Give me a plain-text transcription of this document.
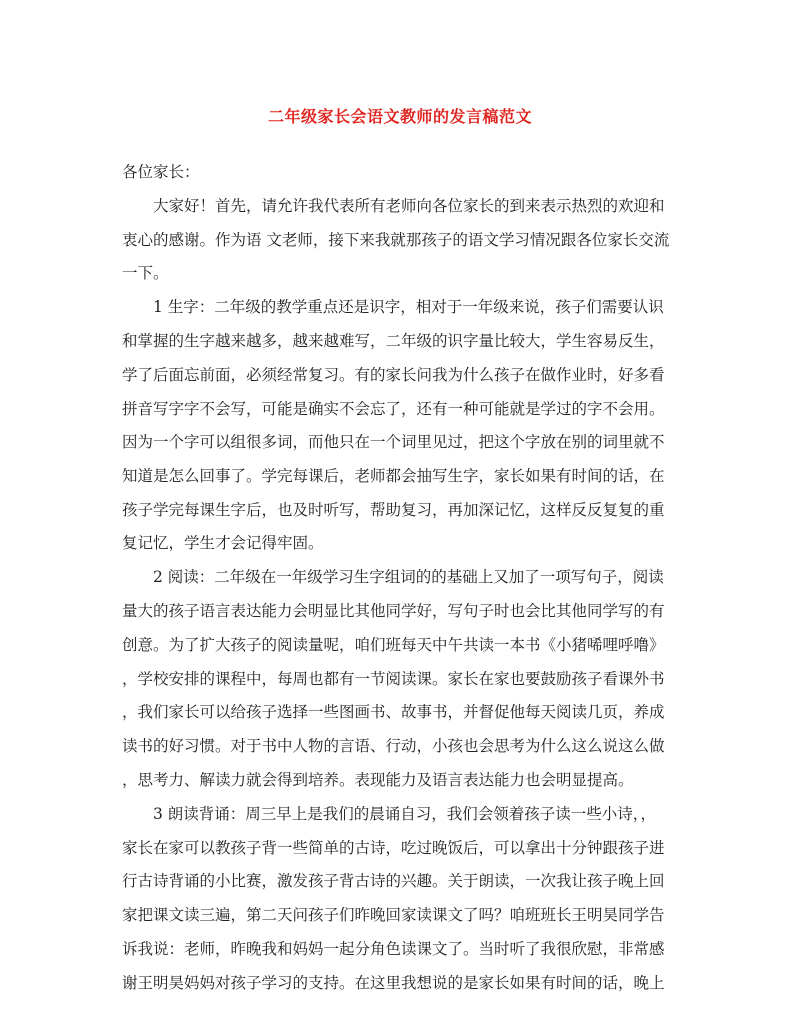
二年级家长会语文教师的发言稿范文
各位家长：
大家好！首先，请允许我代表所有老师向各位家长的到来表示热烈的欢迎和
衷心的感谢。作为语 文老师，接下来我就那孩子的语文学习情况跟各位家长交流
一下。
1 生字：二年级的教学重点还是识字，相对于一年级来说，孩子们需要认识
和掌握的生字越来越多，越来越难写，二年级的识字量比较大，学生容易反生，
学了后面忘前面，必须经常复习。有的家长问我为什么孩子在做作业时，好多看
拼音写字字不会写，可能是确实不会忘了，还有一种可能就是学过的字不会用。
因为一个字可以组很多词，而他只在一个词里见过，把这个字放在别的词里就不
知道是怎么回事了。学完每课后，老师都会抽写生字，家长如果有时间的话，在
孩子学完每课生字后，也及时听写，帮助复习，再加深记忆，这样反反复复的重
复记忆，学生才会记得牢固。
2 阅读：二年级在一年级学习生字组词的的基础上又加了一项写句子，阅读
量大的孩子语言表达能力会明显比其他同学好，写句子时也会比其他同学写的有
创意。为了扩大孩子的阅读量呢，咱们班每天中午共读一本书《小猪唏哩呼噜》
，学校安排的课程中，每周也都有一节阅读课。家长在家也要鼓励孩子看课外书
，我们家长可以给孩子选择一些图画书、故事书，并督促他每天阅读几页，养成
读书的好习惯。对于书中人物的言语、行动，小孩也会思考为什么这么说这么做
，思考力、解读力就会得到培养。表现能力及语言表达能力也会明显提高。
3 朗读背诵：周三早上是我们的晨诵自习，我们会领着孩子读一些小诗，，
家长在家可以教孩子背一些简单的古诗，吃过晚饭后，可以拿出十分钟跟孩子进
行古诗背诵的小比赛，激发孩子背古诗的兴趣。关于朗读，一次我让孩子晚上回
家把课文读三遍，第二天问孩子们昨晚回家读课文了吗？咱班班长王明昊同学告
诉我说：老师，昨晚我和妈妈一起分角色读课文了。当时听了我很欣慰，非常感
谢王明昊妈妈对孩子学习的支持。在这里我想说的是家长如果有时间的话，晚上
